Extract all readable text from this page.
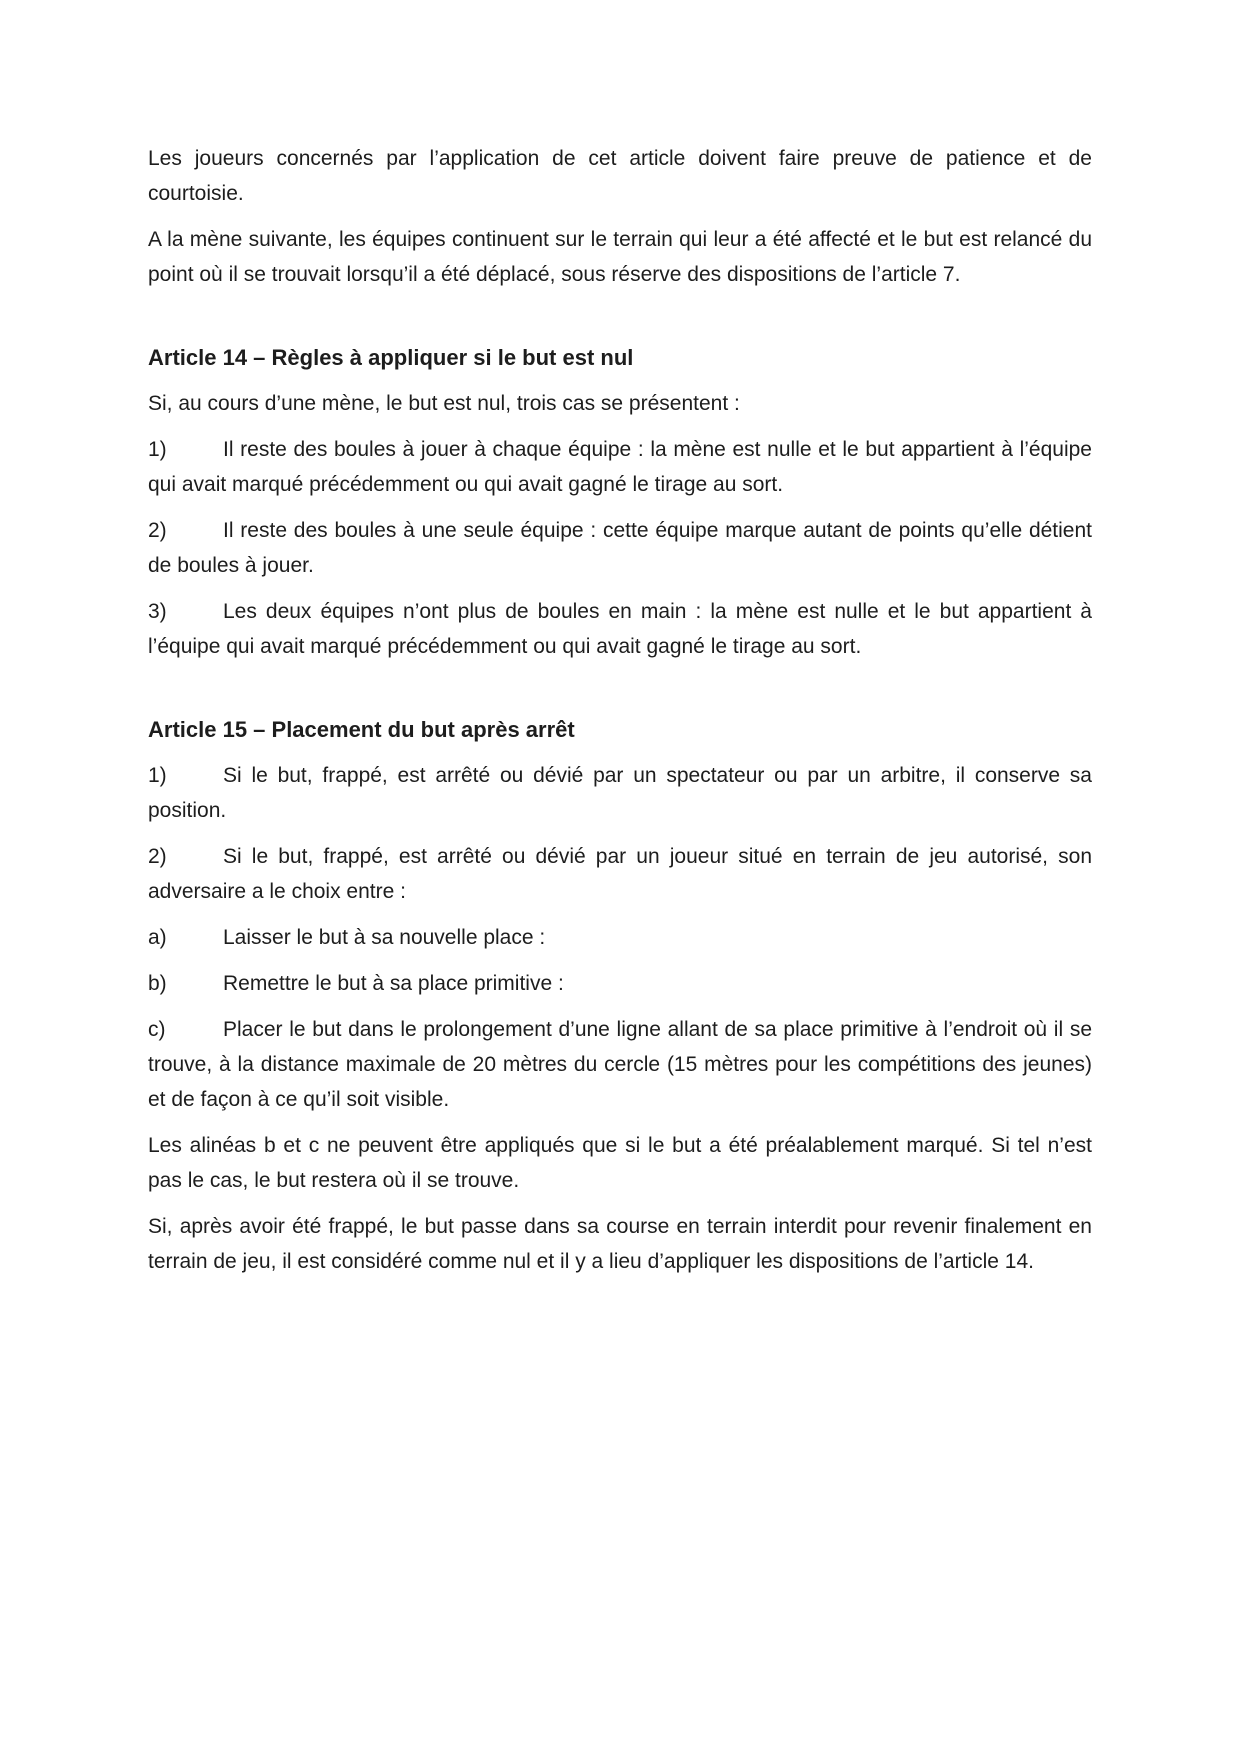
Les joueurs concernés par l’application de cet article doivent faire preuve de patience et de courtoisie.

A la mène suivante, les équipes continuent sur le terrain qui leur a été affecté et le but est relancé du point où il se trouvait lorsqu’il a été déplacé, sous réserve des dispositions de l’article 7.

Article 14 – Règles à appliquer si le but est nul

Si, au cours d’une mène, le but est nul, trois cas se présentent :

1)	Il reste des boules à jouer à chaque équipe : la mène est nulle et le but appartient à l’équipe qui avait marqué précédemment ou qui avait gagné le tirage au sort.

2)	Il reste des boules à une seule équipe : cette équipe marque autant de points qu’elle détient de boules à jouer.

3)	Les deux équipes n’ont plus de boules en main : la mène est nulle et le but appartient à l’équipe qui avait marqué précédemment ou qui avait gagné le tirage au sort.

Article 15 – Placement du but après arrêt

1)	Si le but, frappé, est arrêté ou dévié par un spectateur ou par un arbitre, il conserve sa position.

2)	Si le but, frappé, est arrêté ou dévié par un joueur situé en terrain de jeu autorisé, son adversaire a le choix entre :

a)	Laisser le but à sa nouvelle place :

b)	Remettre le but à sa place primitive :

c)	Placer le but dans le prolongement d’une ligne allant de sa place primitive à l’endroit où il se trouve, à la distance maximale de 20 mètres du cercle (15 mètres pour les compétitions des jeunes) et de façon à ce qu’il soit visible.

Les alinéas b et c ne peuvent être appliqués que si le but a été préalablement marqué. Si tel n’est pas le cas, le but restera où il se trouve.

Si, après avoir été frappé, le but passe dans sa course en terrain interdit pour revenir finalement en terrain de jeu, il est considéré comme nul et il y a lieu d’appliquer les dispositions de l’article 14.
